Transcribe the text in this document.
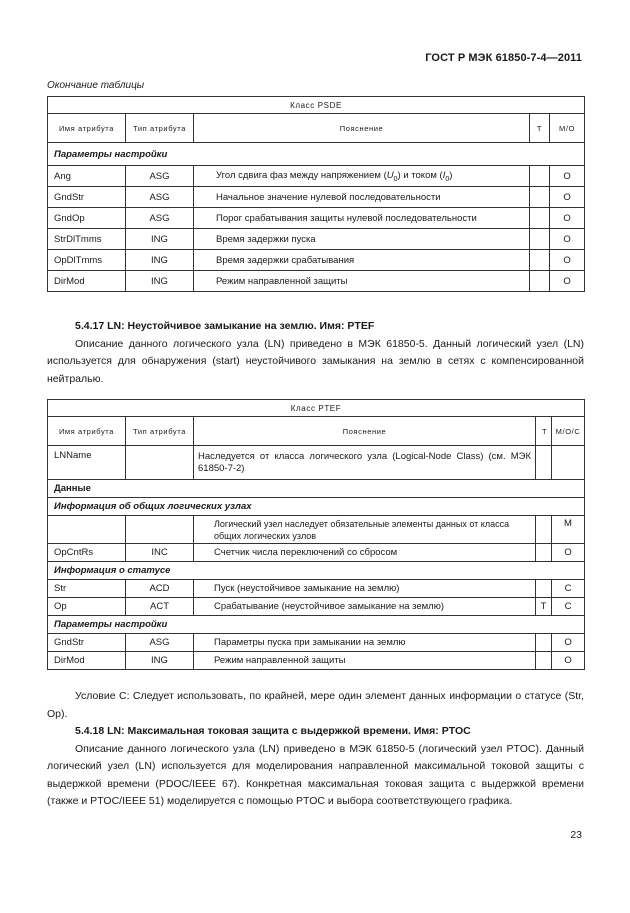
ГОСТ Р МЭК 61850-7-4—2011
Окончание таблицы
Класс PSDE				
Имя атрибута	Тип атрибута	Пояснение	Т	М/О
Параметры настройки				
Ang	ASG	Угол сдвига фаз между напряжением $(U_0)$ и током $(I_0)$		O
GndStr	ASG	Начальное значение нулевой последовательности		O
GndOp	ASG	Порог срабатывания защиты нулевой последовательности		O
StrDlTmms	ING	Время задержки пуска		O
OpDlTmms	ING	Время задержки срабатывания		O
DirMod	ING	Режим направленной защиты		O

5.4.17 LN: Неустойчивое замыкание на землю. Имя: PTEF
Описание данного логического узла (LN) приведено в МЭК 61850-5. Данный логический узел (LN) используется для обнаружения (start) неустойчивого замыкания на землю в сетях с компенсированной нейтралью.

Класс PTEF				
Имя атрибута	Тип атрибута	Пояснение	Т	М/О/С
LNName		Наследуется от класса логического узла (Logical-Node Class) (см. МЭК 61850-7-2)		
Данные				
Информация об общих логических узлах				
		Логический узел наследует обязательные элементы данных от класса общих логических узлов		M
OpCntRs	INC	Счетчик числа переключений со сбросом		O
Информация о статусе				
Str	ACD	Пуск (неустойчивое замыкание на землю)		C
Op	ACT	Срабатывание (неустойчивое замыкание на землю)	T	C
Параметры настройки				
GndStr	ASG	Параметры пуска при замыкании на землю		O
DirMod	ING	Режим направленной защиты		O

Условие С: Следует использовать, по крайней, мере один элемент данных информации о статусе (Str, Op).

5.4.18 LN: Максимальная токовая защита с выдержкой времени. Имя: PTOC
Описание данного логического узла (LN) приведено в МЭК 61850-5 (логический узел PTOC). Данный логический узел (LN) используется для моделирования направленной максимальной токовой защиты с выдержкой времени (PDOC/IEEE 67). Конкретная максимальная токовая защита с выдержкой времени (также и PTOC/IEEE 51) моделируется с помощью PTOC и выбора соответствующего графика.

23
